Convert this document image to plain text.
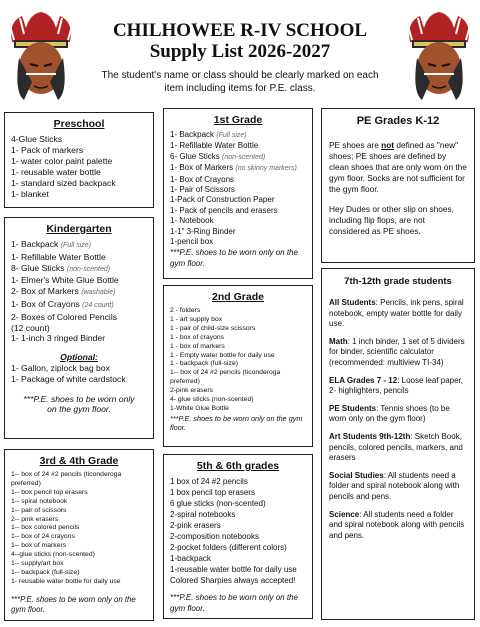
CHILHOWEE R-IV SCHOOL
Supply List 2026-2027
The student's name or class should be clearly marked on each item including items for P.E. class.
Preschool
4-Glue Sticks
1- Pack of markers
1- water color paint palette
1- reusable water bottle
1- standard sized backpack
1- blanket
Kindergarten
1- Backpack (Full size)
1- Refillable Water Bottle
8- Glue Sticks (non-scented)
1- Elmer's White Glue Bottle
2- Box of Markers (washable)
1- Box of Crayons (24 count)
2- Boxes of Colored Pencils
(12 count)
1- 1-inch 3 ringed Binder
Optional:
1- Gallon, ziplock bag box
1- Package of white cardstock
***P.E. shoes to be worn only on the gym floor.
3rd & 4th Grade
1-- box of 24 #2 pencils (ticonderoga preferred)
1-- box pencil top erasers
1-- spiral notebook
1-- pair of scissors
2-- pink erasers
1-- box colored pencils
1-- box of 24 crayons
1-- box of markers
4--glue sticks (non-scented)
1-- supply/art box
1-- backpack (full-size)
1- reusable water bottle for daily use
***P.E. shoes to be worn only on the gym floor.
1st Grade
1- Backpack (Full size)
1- Refillable Water Bottle
6- Glue Sticks (non-scented)
1- Box of Markers (no skinny markers)
1- Box of Crayons
1- Pair of Scissors
1-Pack of Construction Paper
1- Pack of pencils and erasers
1- Notebook
1-1" 3-Ring Binder
1-pencil box
***P.E. shoes to be worn only on the gym floor.
2nd Grade
2 - folders
1 - art supply box
1 - pair of child-size scissors
1 - box of crayons
1 - box of markers
1 - Empty water bottle for daily use
1 - backpack (full-size)
1-- box of 24 #2 pencils (ticonderoga preferred)
2-pink erasers
4- glue sticks (non-scented)
1-White Glue Bottle
***P.E. shoes to be worn only on the gym floor.
5th & 6th grades
1 box of 24 #2 pencils
1 box pencil top erasers
6 glue sticks (non-scented)
2-spiral notebooks
2-pink erasers
2-composition notebooks
2-pocket folders (different colors)
1-backpack
1-reusable water bottle for daily use
Colored Sharpies always accepted!
***P.E. shoes to be worn only on the gym floor.
PE Grades K-12

PE shoes are not defined as "new" shoes; PE shoes are defined by clean shoes that are only worn on the gym floor. Socks are not sufficient for the gym floor.

Hey Dudes or other slip on shoes, including flip flops, are not considered as PE shoes.

7th-12th grade students

All Students: Pencils, ink pens, spiral notebook, empty water bottle for daily use.

Math: 1 inch binder, 1 set of 5 dividers for binder, scientific calculator (recommended: multiview TI-34)

ELA Grades 7 - 12: Loose leaf paper, 2- highlighters, pencils

PE Students: Tennis shoes (to be worn only on the gym floor)

Art Students 9th-12th: Sketch Book, pencils, colored pencils, markers, and erasers

Social Studies: All students need a folder and spiral notebook along with pencils and pens.

Science: All students need a folder and spiral notebook along with pencils and pens.
